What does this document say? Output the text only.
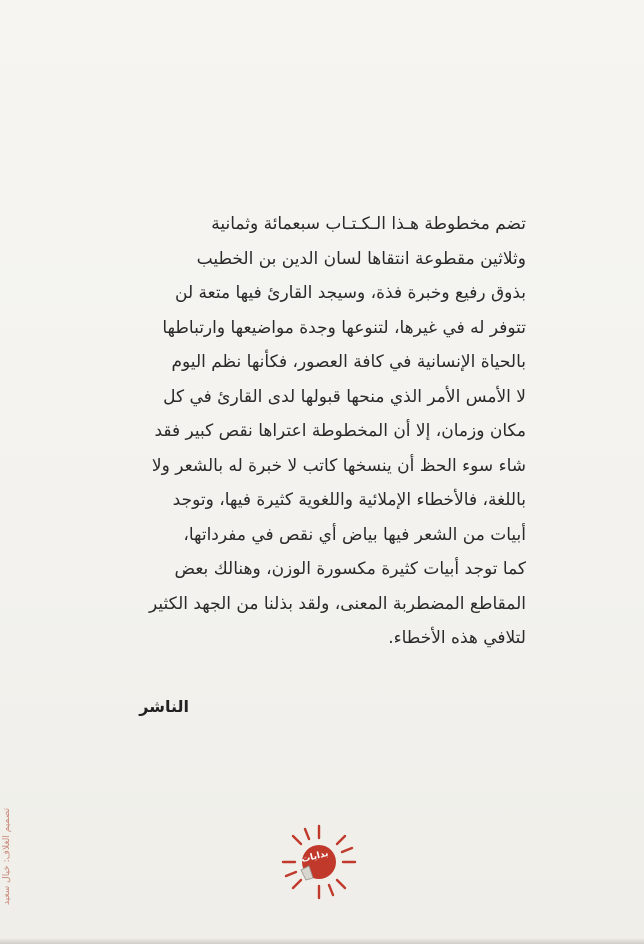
تضم مخطوطة هـذا الـكـتـاب سبعمائة وثمانية
وثلاثين مقطوعة انتقاها لسان الدين بن الخطيب
بذوق رفيع وخبرة فذة، وسيجد القارئ فيها متعة لن
تتوفر له في غيرها، لتنوعها وجدة مواضيعها وارتباطها
بالحياة الإنسانية في كافة العصور، فكأنها نظم اليوم
لا الأمس الأمر الذي منحها قبولها لدى القارئ في كل
مكان وزمان، إلا أن المخطوطة اعتراها نقص كبير فقد
شاء سوء الحظ أن ينسخها كاتب لا خبرة له بالشعر ولا
باللغة، فالأخطاء الإملائية واللغوية كثيرة فيها، وتوجد
أبيات من الشعر فيها بياض أي نقص في مفرداتها،
كما توجد أبيات كثيرة مكسورة الوزن، وهنالك بعض
المقاطع المضطربة المعنى، ولقد بذلنا من الجهد الكثير
لتلافي هذه الأخطاء.
الناشر
تصميم الغلاف: خيال سعيد	بدايات
